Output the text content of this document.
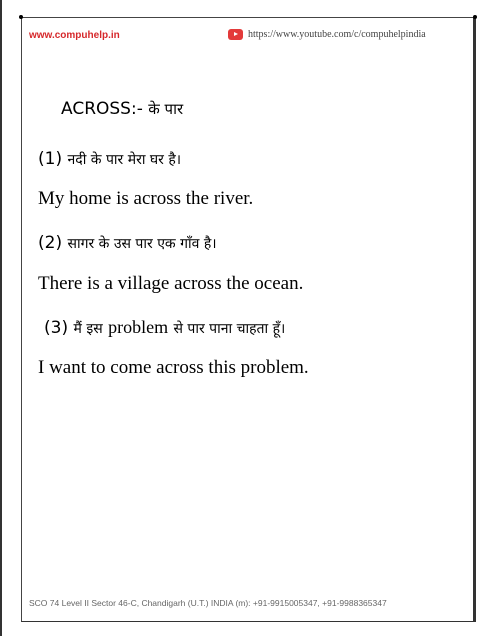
www.compuhelp.in	https://www.youtube.com/c/compuhelpindia
ACROSS:- के पार
(1) नदी के पार मेरा घर है।
My home is across the river.
(2) सागर के उस पार एक गाँव है।
There is a village across the ocean.
(3) मैं इस problem से पार पाना चाहता हूँ।
I want to come across this problem.
SCO 74 Level II Sector 46-C, Chandigarh (U.T.) INDIA (m): +91-9915005347, +91-9988365347
